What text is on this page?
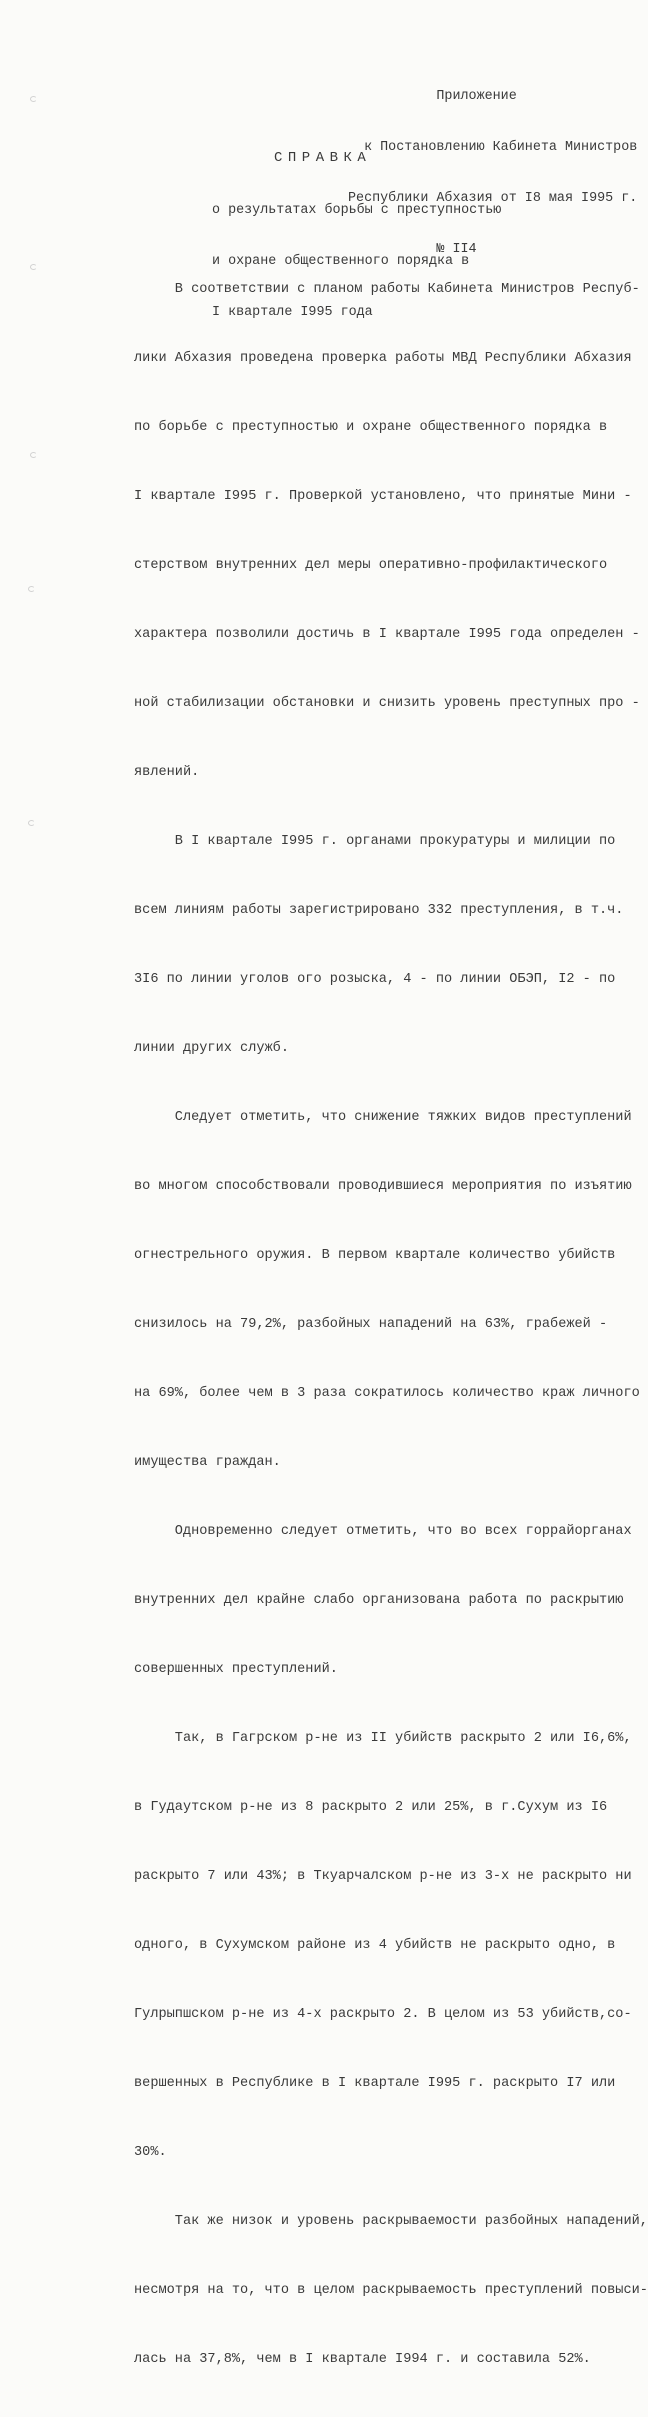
Приложение

к Постановлению Кабинета Министров

Республики Абхазия от I8 мая I995 г.

№ II4

СПРАВКА

о результатах борьбы с преступностью

и охране общественного порядка в

I квартале I995 года

В соответствии с планом работы Кабинета Министров Респуб-

лики Абхазия проведена проверка работы МВД Республики Абхазия

по борьбе с преступностью и охране общественного порядка в

I квартале I995 г. Проверкой установлено, что принятые Мини -

стерством внутренних дел меры оперативно-профилактического

характера позволили достичь в I квартале I995 года определен -

ной стабилизации обстановки и снизить уровень преступных про -

явлений.

В I квартале I995 г. органами прокуратуры и милиции по

всем линиям работы зарегистрировано 332 преступления, в т.ч.

3I6 по линии уголов ого розыска, 4 - по линии ОБЭП, I2 - по

линии других служб.

Следует отметить, что снижение тяжких видов преступлений

во многом способствовали проводившиеся мероприятия по изъятию

огнестрельного оружия. В первом квартале количество убийств

снизилось на 79,2%, разбойных нападений на 63%, грабежей -

на 69%, более чем в 3 раза сократилось количество краж личного

имущества граждан.

Одновременно следует отметить, что во всех горрайорганах

внутренних дел крайне слабо организована работа по раскрытию

совершенных преступлений.

Так, в Гагрском р-не из II убийств раскрыто 2 или I6,6%,

в Гудаутском р-не из 8 раскрыто 2 или 25%, в г.Сухум из I6

раскрыто 7 или 43%; в Ткуарчалском р-не из 3-х не раскрыто ни

одного, в Сухумском районе из 4 убийств не раскрыто одно, в

Гулрыпшском р-не из 4-х раскрыто 2. В целом из 53 убийств,со-

вершенных в Республике в I квартале I995 г. раскрыто I7 или

30%.

Так же низок и уровень раскрываемости разбойных нападений,

несмотря на то, что в целом раскрываемость преступлений повыси-

лась на 37,8%, чем в I квартале I994 г. и составила 52%.
